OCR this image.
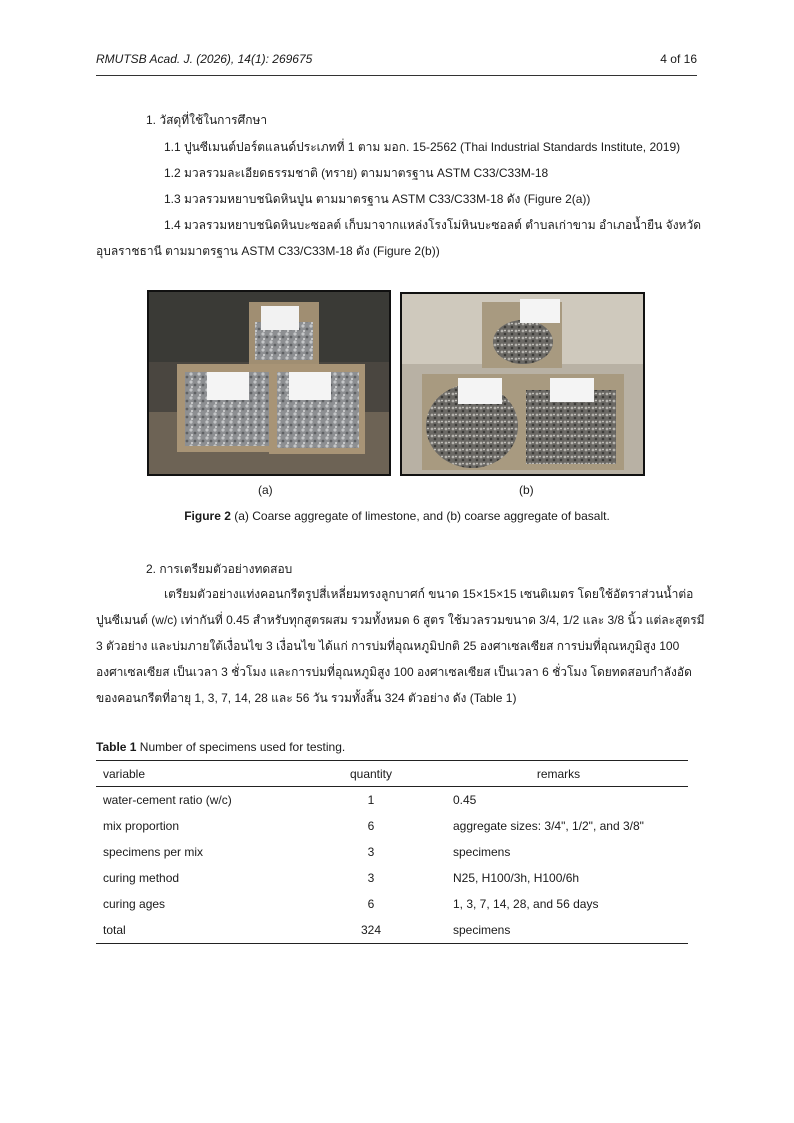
RMUTSB Acad. J. (2026), 14(1): 269675	4 of 16
1. วัสดุที่ใช้ในการศึกษา
1.1 ปูนซีเมนต์ปอร์ตแลนด์ประเภทที่ 1 ตาม มอก. 15-2562 (Thai Industrial Standards Institute, 2019)
1.2 มวลรวมละเอียดธรรมชาติ (ทราย) ตามมาตรฐาน ASTM C33/C33M-18
1.3 มวลรวมหยาบชนิดหินปูน ตามมาตรฐาน ASTM C33/C33M-18 ดัง (Figure 2(a))
1.4 มวลรวมหยาบชนิดหินบะซอลต์ เก็บมาจากแหล่งโรงโม่หินบะซอลต์ ตำบลเก่าขาม อำเภอน้ำยืน จังหวัด
อุบลราชธานี ตามมาตรฐาน ASTM C33/C33M-18 ดัง (Figure 2(b))
(a)	(b)
Figure 2 (a) Coarse aggregate of limestone, and (b) coarse aggregate of basalt.
2. การเตรียมตัวอย่างทดสอบ
เตรียมตัวอย่างแท่งคอนกรีตรูปสี่เหลี่ยมทรงลูกบาศก์ ขนาด 15×15×15 เซนติเมตร โดยใช้อัตราส่วนน้ำต่อ
ปูนซีเมนต์ (w/c) เท่ากันที่ 0.45 สำหรับทุกสูตรผสม รวมทั้งหมด 6 สูตร ใช้มวลรวมขนาด 3/4, 1/2 และ 3/8 นิ้ว แต่ละสูตรมี
3 ตัวอย่าง และบ่มภายใต้เงื่อนไข 3 เงื่อนไข ได้แก่ การบ่มที่อุณหภูมิปกติ 25 องศาเซลเซียส การบ่มที่อุณหภูมิสูง 100
องศาเซลเซียส เป็นเวลา 3 ชั่วโมง และการบ่มที่อุณหภูมิสูง 100 องศาเซลเซียส เป็นเวลา 6 ชั่วโมง โดยทดสอบกำลังอัด
ของคอนกรีตที่อายุ 1, 3, 7, 14, 28 และ 56 วัน รวมทั้งสิ้น 324 ตัวอย่าง ดัง (Table 1)
Table 1 Number of specimens used for testing.
variable	quantity	remarks
water-cement ratio (w/c)	1	0.45
mix proportion	6	aggregate sizes: 3/4", 1/2", and 3/8"
specimens per mix	3	specimens
curing method	3	N25, H100/3h, H100/6h
curing ages	6	1, 3, 7, 14, 28, and 56 days
total	324	specimens
